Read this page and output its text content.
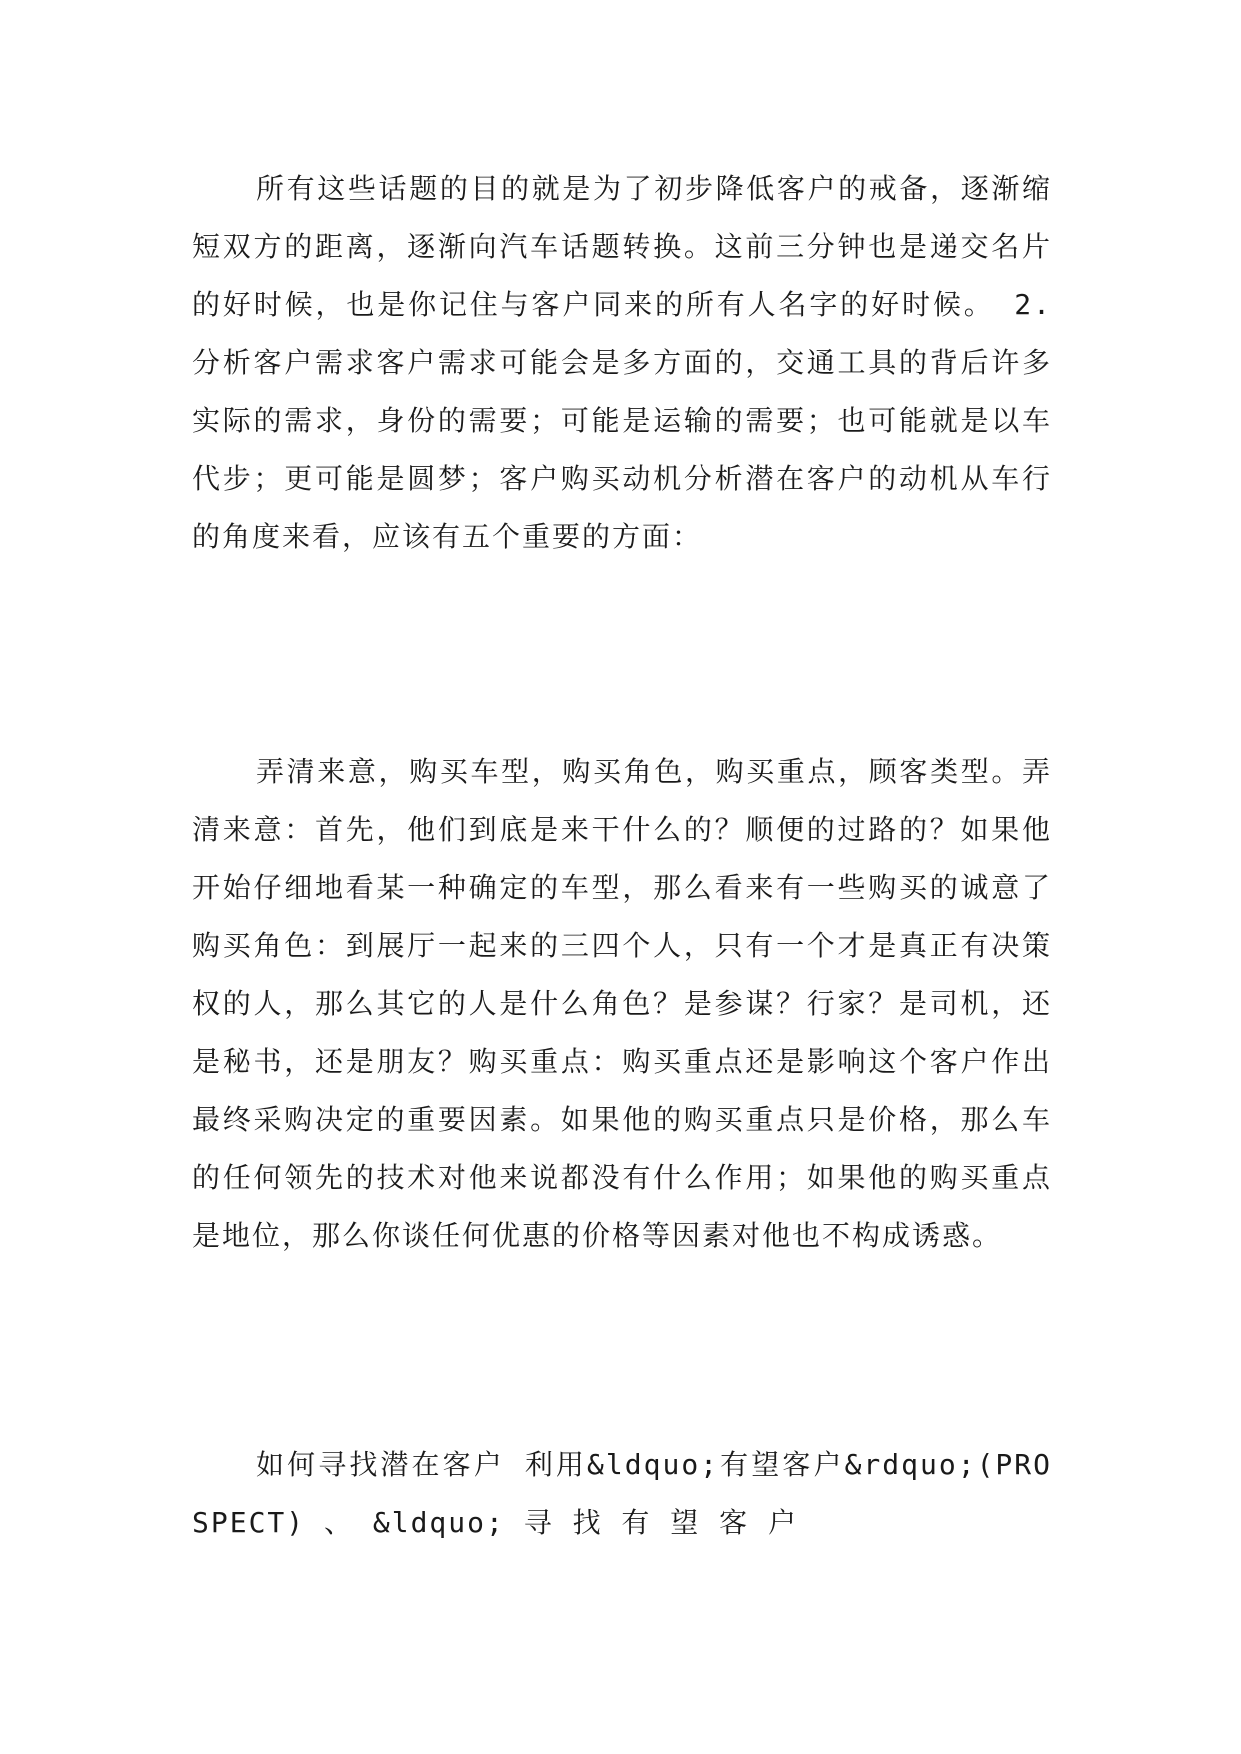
所有这些话题的目的就是为了初步降低客户的戒备，逐渐缩短双方的距离，逐渐向汽车话题转换。这前三分钟也是递交名片的好时候，也是你记住与客户同来的所有人名字的好时候。 2.分析客户需求客户需求可能会是多方面的，交通工具的背后许多实际的需求，身份的需要；可能是运输的需要；也可能就是以车代步；更可能是圆梦；客户购买动机分析潜在客户的动机从车行的角度来看，应该有五个重要的方面：

弄清来意，购买车型，购买角色，购买重点，顾客类型。弄清来意：首先，他们到底是来干什么的？顺便的过路的？如果他开始仔细地看某一种确定的车型，那么看来有一些购买的诚意了购买角色：到展厅一起来的三四个人，只有一个才是真正有决策权的人，那么其它的人是什么角色？是参谋？行家？是司机，还是秘书，还是朋友？购买重点：购买重点还是影响这个客户作出最终采购决定的重要因素。如果他的购买重点只是价格，那么车的任何领先的技术对他来说都没有什么作用；如果他的购买重点是地位，那么你谈任何优惠的价格等因素对他也不构成诱惑。

如何寻找潜在客户 利用&ldquo;有望客户&rdquo;(PROSPECT) 、 &ldquo; 寻 找 有 望 客 户
